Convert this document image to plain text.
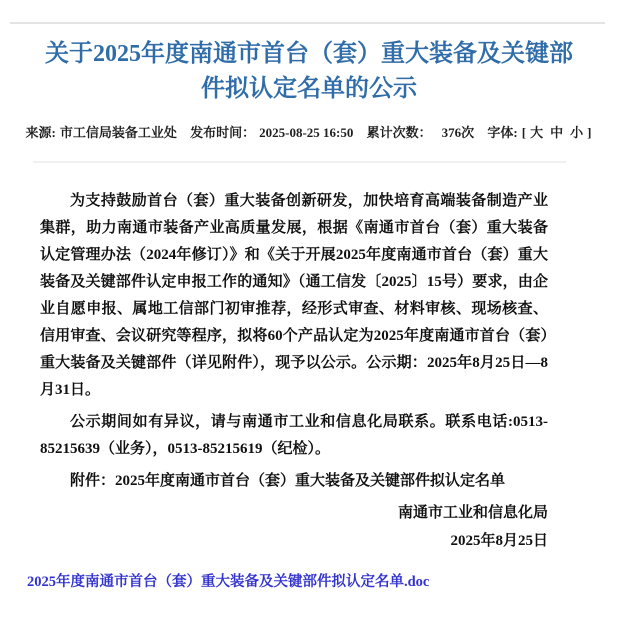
关于2025年度南通市首台（套）重大装备及关键部件拟认定名单的公示
来源: 市工信局装备工业处 发布时间： 2025-08-25 16:50 累计次数： 376次 字体: [ 大 中 小 ]

为支持鼓励首台（套）重大装备创新研发，加快培育高端装备制造产业集群，助力南通市装备产业高质量发展，根据《南通市首台（套）重大装备认定管理办法（2024年修订）》和《关于开展2025年度南通市首台（套）重大装备及关键部件认定申报工作的通知》（通工信发〔2025〕15号）要求，由企业自愿申报、属地工信部门初审推荐，经形式审查、材料审核、现场核查、信用审查、会议研究等程序，拟将60个产品认定为2025年度南通市首台（套）重大装备及关键部件（详见附件），现予以公示。公示期：2025年8月25日—8月31日。

公示期间如有异议，请与南通市工业和信息化局联系。联系电话:0513-85215639（业务），0513-85215619（纪检）。

附件：2025年度南通市首台（套）重大装备及关键部件拟认定名单

南通市工业和信息化局
2025年8月25日
2025年度南通市首台（套）重大装备及关键部件拟认定名单.doc
